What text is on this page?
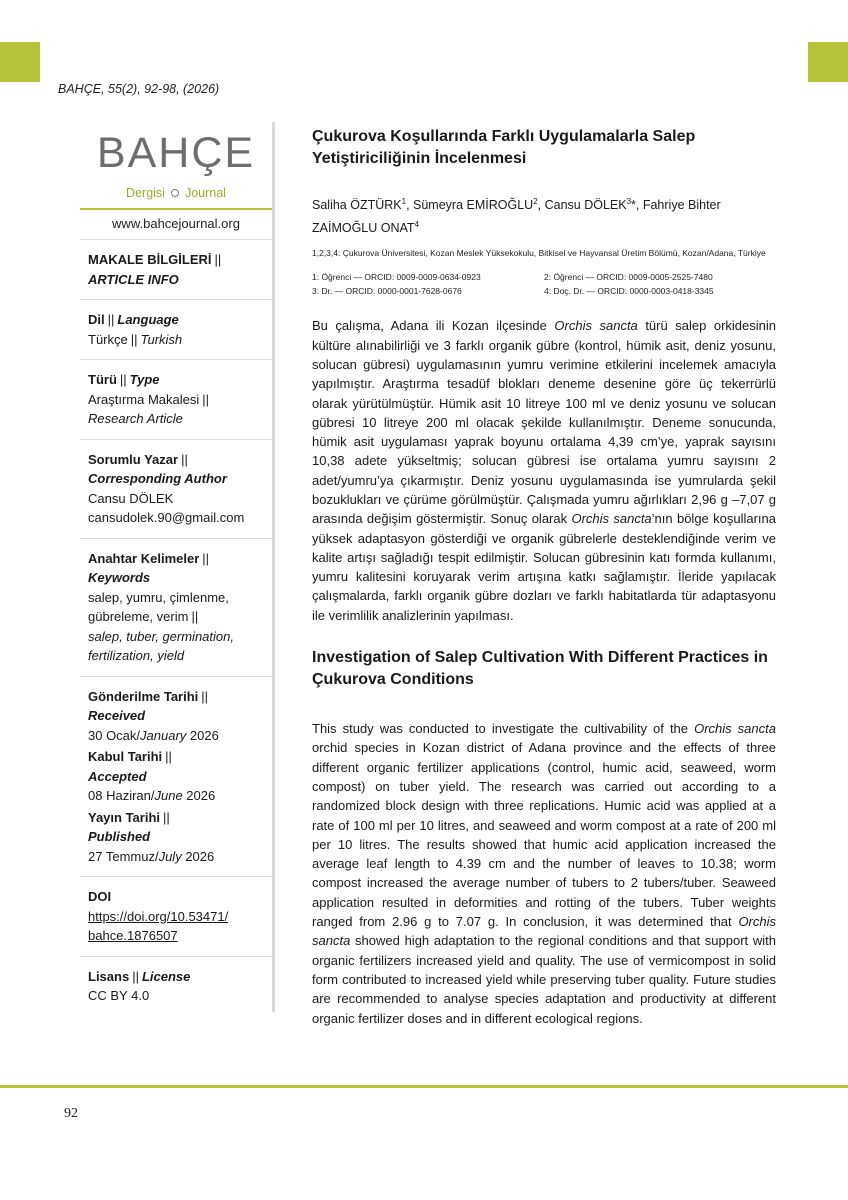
BAHÇE, 55(2), 92-98, (2026)
BAHÇE
Dergisi Journal
www.bahcejournal.org
MAKALE BİLGİLERİ ||
ARTICLE INFO
Dil || Language
Türkçe || Turkish
Türü || Type
Araştırma Makalesi ||
Research Article
Sorumlu Yazar ||
Corresponding Author
Cansu DÖLEK
cansudolek.90@gmail.com
Anahtar Kelimeler ||
Keywords
salep, yumru, çimlenme,
gübreleme, verim ||
salep, tuber, germination,
fertilization, yield
Gönderilme Tarihi ||
Received
30 Ocak/January 2026
Kabul Tarihi ||
Accepted
08 Haziran/June 2026
Yayın Tarihi ||
Published
27 Temmuz/July 2026
DOI
https://doi.org/10.53471/
bahce.1876507
Lisans || License
CC BY 4.0
Çukurova Koşullarında Farklı Uygulamalarla Salep Yetiştiriciliğinin İncelenmesi
Saliha ÖZTÜRK$^1$, Sümeyra EMİROĞLU$^2$, Cansu DÖLEK$^3$*, Fahriye Bihter ZAİMOĞLU ONAT$^4$
1,2,3,4: Çukurova Üniversitesi, Kozan Meslek Yüksekokulu, Bitkisel ve Hayvansal Üretim Bölümü, Kozan/Adana, Türkiye
1: Öğrenci — ORCID: 0009-0009-0634-0923	2: Öğrenci — ORCID: 0009-0005-2525-7480
3: Dr. — ORCID: 0000-0001-7628-0676	4: Doç. Dr. — ORCID: 0000-0003-0418-3345

Bu çalışma, Adana ili Kozan ilçesinde Orchis sancta türü salep orkidesinin kültüre alınabilirliği ve 3 farklı organik gübre (kontrol, hümik asit, deniz yosunu, solucan gübresi) uygulamasının yumru verimine etkilerini incelemek amacıyla yapılmıştır. Araştırma tesadüf blokları deneme desenine göre üç tekerrürlü olarak yürütülmüştür. Hümik asit 10 litreye 100 ml ve deniz yosunu ve solucan gübresi 10 litreye 200 ml olacak şekilde kullanılmıştır. Deneme sonucunda, hümik asit uygulaması yaprak boyunu ortalama 4,39 cm’ye, yaprak sayısını 10,38 adete yükseltmiş; solucan gübresi ise ortalama yumru sayısını 2 adet/yumru’ya çıkarmıştır. Deniz yosunu uygulamasında ise yumrularda şekil bozuklukları ve çürüme görülmüştür. Çalışmada yumru ağırlıkları 2,96 g –7,07 g arasında değişim göstermiştir. Sonuç olarak Orchis sancta’nın bölge koşullarına yüksek adaptasyon gösterdiği ve organik gübrelerle desteklendiğinde verim ve kalite artışı sağladığı tespit edilmiştir. Solucan gübresinin katı formda kullanımı, yumru kalitesini koruyarak verim artışına katkı sağlamıştır. İleride yapılacak çalışmalarda, farklı organik gübre dozları ve farklı habitatlarda tür adaptasyonu ile verimlilik analizlerinin yapılması.

Investigation of Salep Cultivation With Different Practices in Çukurova Conditions

This study was conducted to investigate the cultivability of the Orchis sancta orchid species in Kozan district of Adana province and the effects of three different organic fertilizer applications (control, humic acid, seaweed, worm compost) on tuber yield. The research was carried out according to a randomized block design with three replications. Humic acid was applied at a rate of 100 ml per 10 litres, and seaweed and worm compost at a rate of 200 ml per 10 litres. The results showed that humic acid application increased the average leaf length to 4.39 cm and the number of leaves to 10.38; worm compost increased the average number of tubers to 2 tubers/tuber. Seaweed application resulted in deformities and rotting of the tubers. Tuber weights ranged from 2.96 g to 7.07 g. In conclusion, it was determined that Orchis sancta showed high adaptation to the regional conditions and that support with organic fertilizers increased yield and quality. The use of vermicompost in solid form contributed to increased yield while preserving tuber quality. Future studies are recommended to analyse species adaptation and productivity at different organic fertilizer doses and in different ecological regions.

92
